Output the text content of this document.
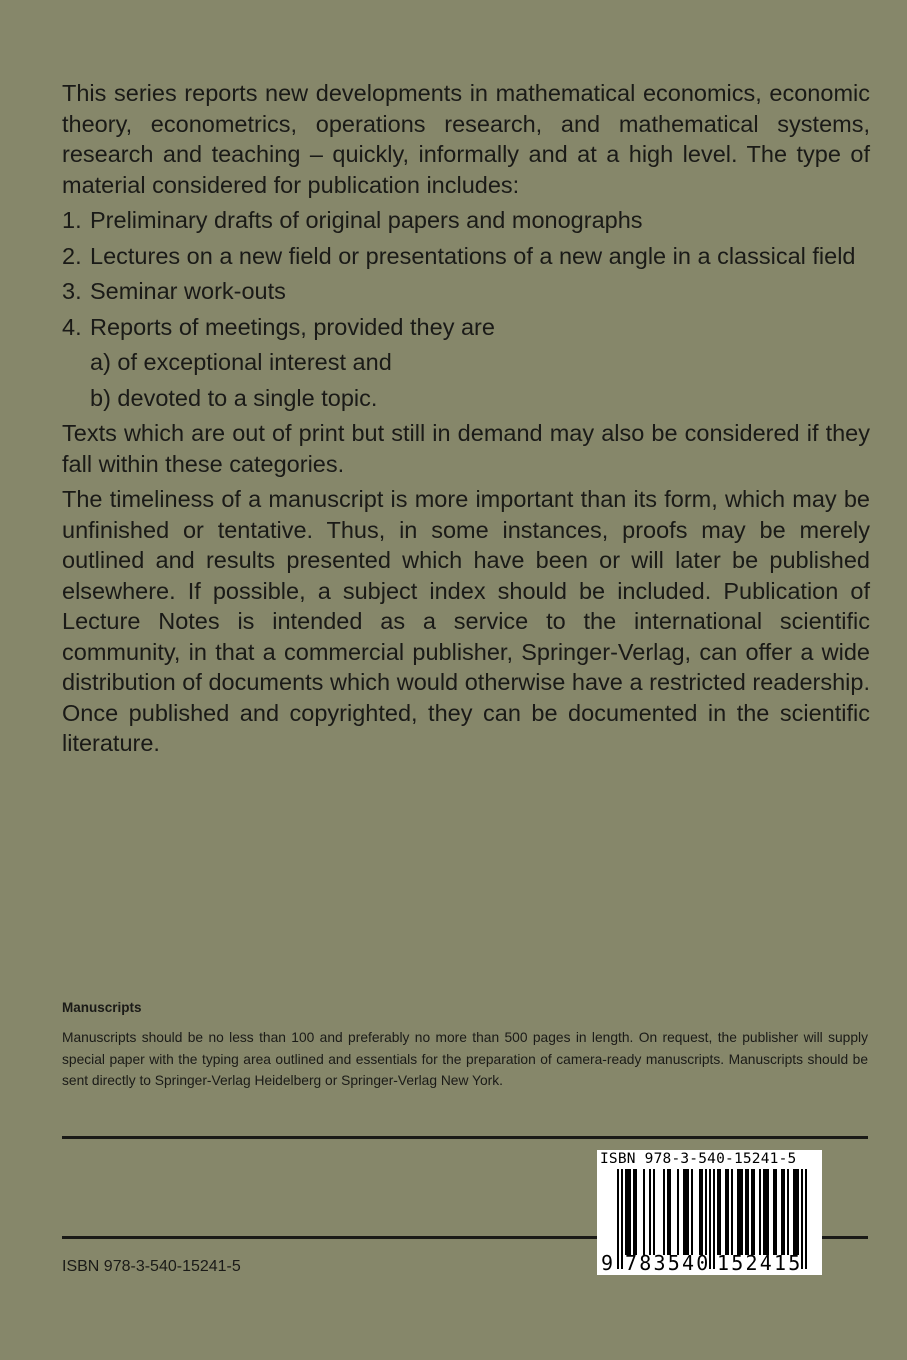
This series reports new developments in mathematical economics, economic theory, econometrics, operations research, and mathematical systems, research and teaching – quickly, informally and at a high level. The type of material considered for publication includes:

1. Preliminary drafts of original papers and monographs
2. Lectures on a new field or presentations of a new angle in a classical field
3. Seminar work-outs
4. Reports of meetings, provided they are
a) of exceptional interest and
b) devoted to a single topic.

Texts which are out of print but still in demand may also be considered if they fall within these categories.

The timeliness of a manuscript is more important than its form, which may be unfinished or tentative. Thus, in some instances, proofs may be merely outlined and results presented which have been or will later be published elsewhere. If possible, a subject index should be included. Publication of Lecture Notes is intended as a service to the international scientific community, in that a commercial publisher, Springer-Verlag, can offer a wide distribution of documents which would otherwise have a restricted readership. Once published and copyrighted, they can be documented in the scientific literature.

Manuscripts
Manuscripts should be no less than 100 and preferably no more than 500 pages in length. On request, the publisher will supply special paper with the typing area outlined and essentials for the preparation of camera-ready manuscripts. Manuscripts should be sent directly to Springer-Verlag Heidelberg or Springer-Verlag New York.
ISBN 978-3-540-15241-5
9 783540 152415
ISBN 978-3-540-15241-5
